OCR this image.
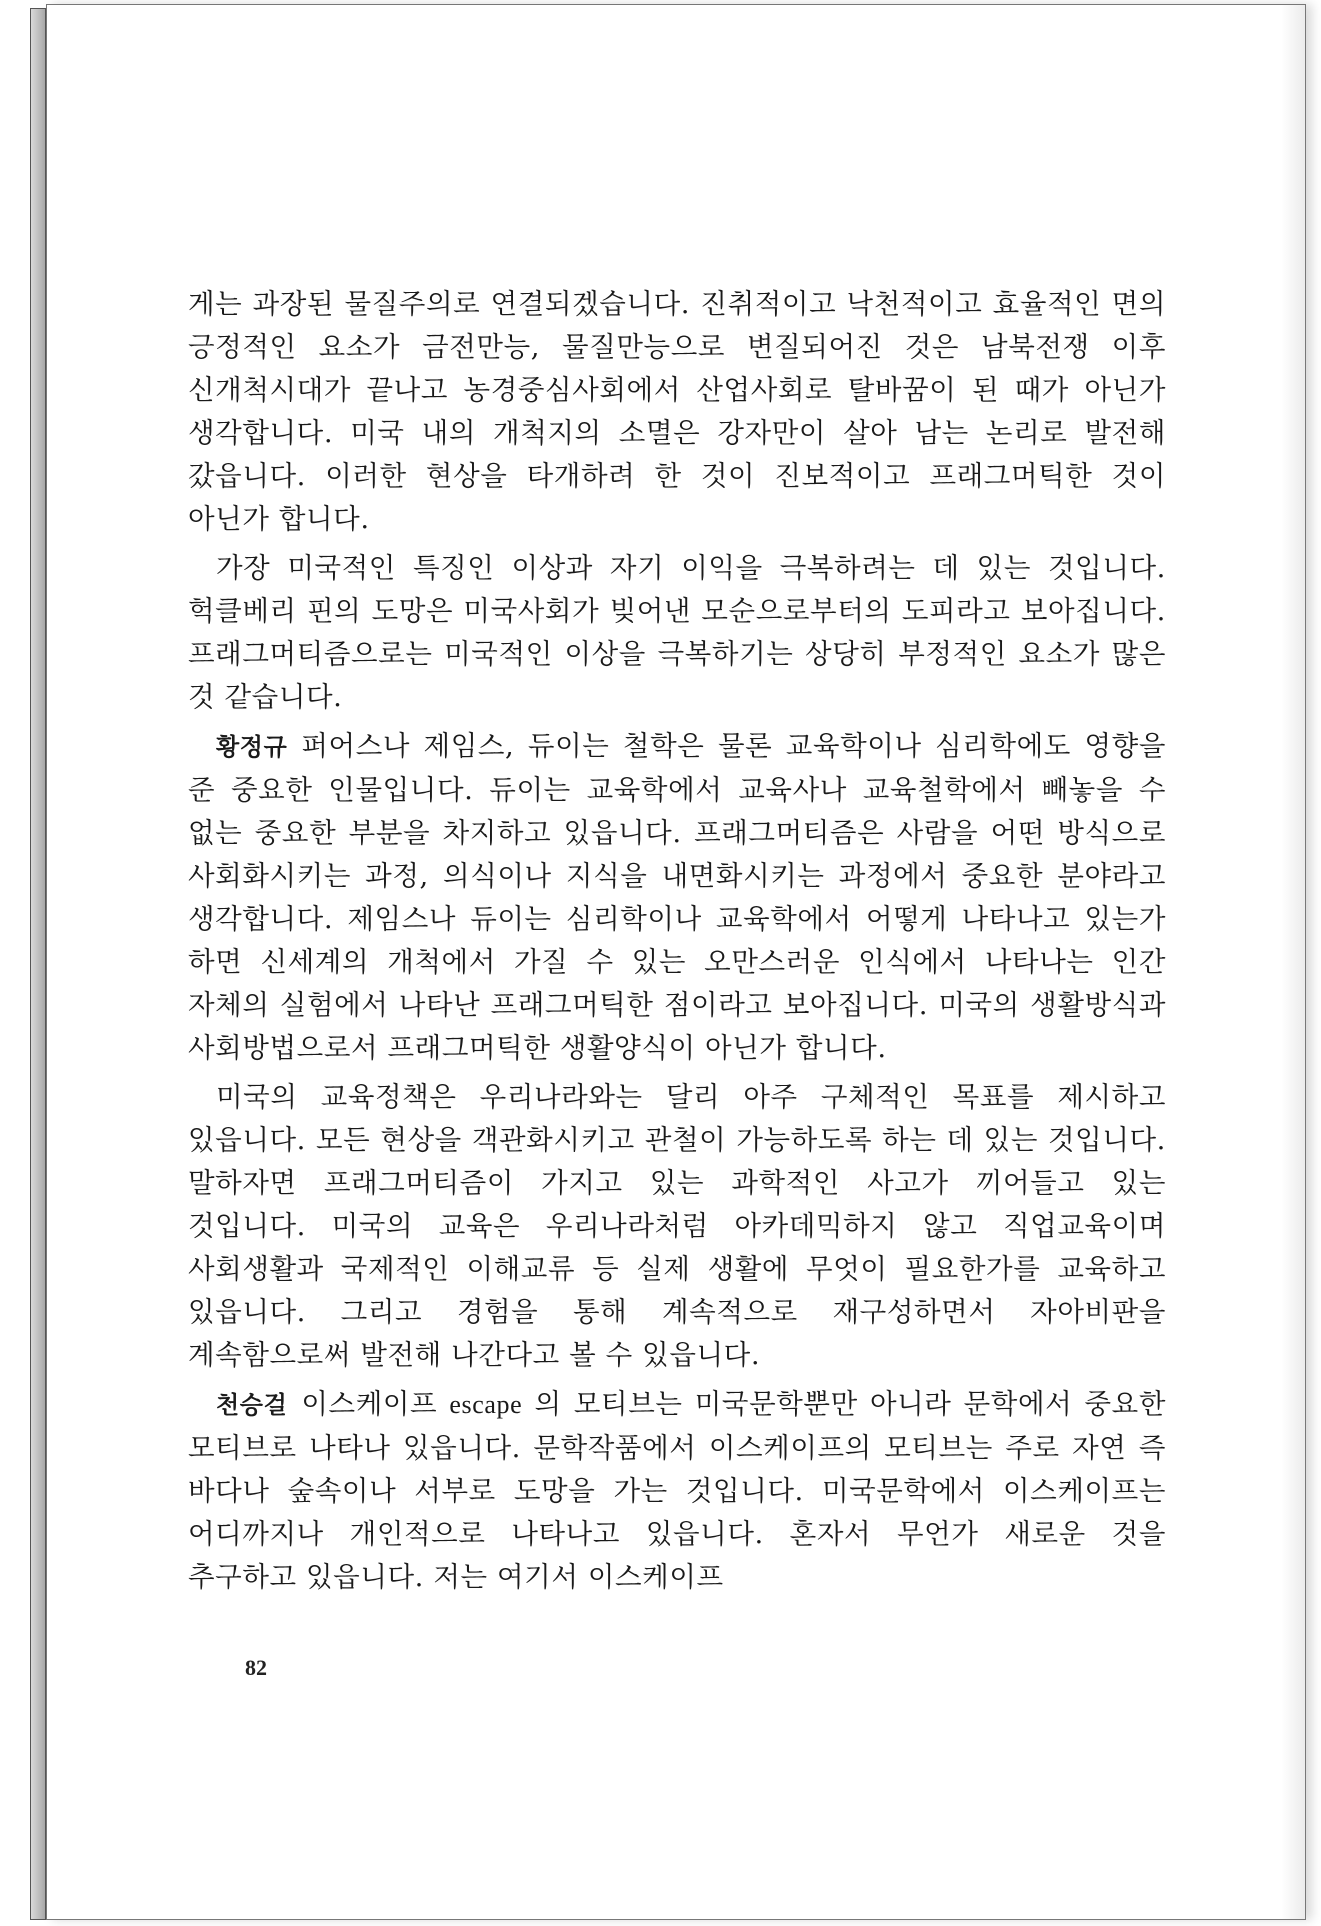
게는 과장된 물질주의로 연결되겠습니다. 진취적이고 낙천적이고 효율적인 면의 긍정적인 요소가 금전만능, 물질만능으로 변질되어진 것은 남북전쟁 이후 신개척시대가 끝나고 농경중심사회에서 산업사회로 탈바꿈이 된 때가 아닌가 생각합니다. 미국 내의 개척지의 소멸은 강자만이 살아 남는 논리로 발전해 갔읍니다. 이러한 현상을 타개하려 한 것이 진보적이고 프래그머틱한 것이 아닌가 합니다.

가장 미국적인 특징인 이상과 자기 이익을 극복하려는 데 있는 것입니다. 헉클베리 핀의 도망은 미국사회가 빚어낸 모순으로부터의 도피라고 보아집니다. 프래그머티즘으로는 미국적인 이상을 극복하기는 상당히 부정적인 요소가 많은 것 같습니다.

황정규 퍼어스나 제임스, 듀이는 철학은 물론 교육학이나 심리학에도 영향을 준 중요한 인물입니다. 듀이는 교육학에서 교육사나 교육철학에서 빼놓을 수 없는 중요한 부분을 차지하고 있읍니다. 프래그머티즘은 사람을 어떤 방식으로 사회화시키는 과정, 의식이나 지식을 내면화시키는 과정에서 중요한 분야라고 생각합니다. 제임스나 듀이는 심리학이나 교육학에서 어떻게 나타나고 있는가 하면 신세계의 개척에서 가질 수 있는 오만스러운 인식에서 나타나는 인간 자체의 실험에서 나타난 프래그머틱한 점이라고 보아집니다. 미국의 생활방식과 사회방법으로서 프래그머틱한 생활양식이 아닌가 합니다.

미국의 교육정책은 우리나라와는 달리 아주 구체적인 목표를 제시하고 있읍니다. 모든 현상을 객관화시키고 관철이 가능하도록 하는 데 있는 것입니다. 말하자면 프래그머티즘이 가지고 있는 과학적인 사고가 끼어들고 있는 것입니다. 미국의 교육은 우리나라처럼 아카데믹하지 않고 직업교육이며 사회생활과 국제적인 이해교류 등 실제 생활에 무엇이 필요한가를 교육하고 있읍니다. 그리고 경험을 통해 계속적으로 재구성하면서 자아비판을 계속함으로써 발전해 나간다고 볼 수 있읍니다.

천승걸 이스케이프 escape 의 모티브는 미국문학뿐만 아니라 문학에서 중요한 모티브로 나타나 있읍니다. 문학작품에서 이스케이프의 모티브는 주로 자연 즉 바다나 숲속이나 서부로 도망을 가는 것입니다. 미국문학에서 이스케이프는 어디까지나 개인적으로 나타나고 있읍니다. 혼자서 무언가 새로운 것을 추구하고 있읍니다. 저는 여기서 이스케이프

82
